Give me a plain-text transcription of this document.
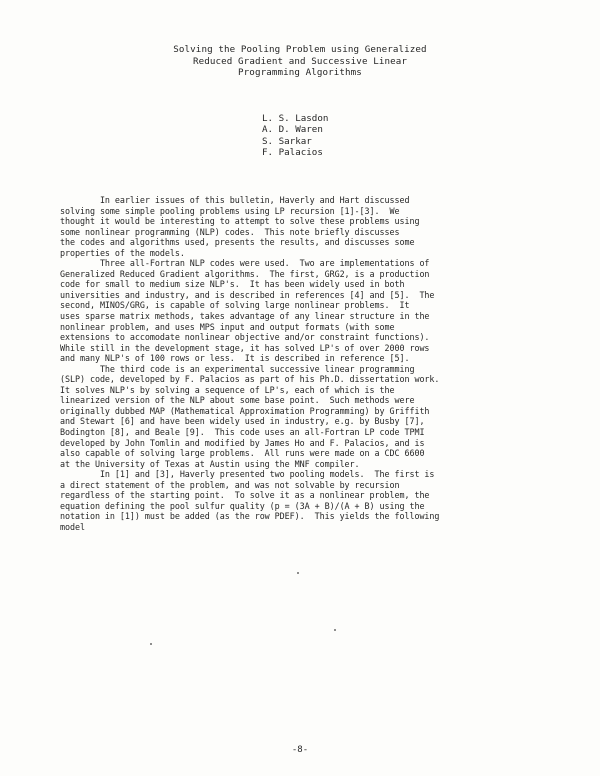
Solving the Pooling Problem using Generalized
Reduced Gradient and Successive Linear
Programming Algorithms
L. S. Lasdon
A. D. Waren
S. Sarkar
F. Palacios
In earlier issues of this bulletin, Haverly and Hart discussed
solving some simple pooling problems using LP recursion [1]-[3].  We
thought it would be interesting to attempt to solve these problems using
some nonlinear programming (NLP) codes.  This note briefly discusses
the codes and algorithms used, presents the results, and discusses some
properties of the models.
Three all-Fortran NLP codes were used.  Two are implementations of
Generalized Reduced Gradient algorithms.  The first, GRG2, is a production
code for small to medium size NLP's.  It has been widely used in both
universities and industry, and is described in references [4] and [5].  The
second, MINOS/GRG, is capable of solving large nonlinear problems.  It
uses sparse matrix methods, takes advantage of any linear structure in the
nonlinear problem, and uses MPS input and output formats (with some
extensions to accomodate nonlinear objective and/or constraint functions).
While still in the development stage, it has solved LP's of over 2000 rows
and many NLP's of 100 rows or less.  It is described in reference [5].
The third code is an experimental successive linear programming
(SLP) code, developed by F. Palacios as part of his Ph.D. dissertation work.
It solves NLP's by solving a sequence of LP's, each of which is the
linearized version of the NLP about some base point.  Such methods were
originally dubbed MAP (Mathematical Approximation Programming) by Griffith
and Stewart [6] and have been widely used in industry, e.g. by Busby [7],
Bodington [8], and Beale [9].  This code uses an all-Fortran LP code TPMI
developed by John Tomlin and modified by James Ho and F. Palacios, and is
also capable of solving large problems.  All runs were made on a CDC 6600
at the University of Texas at Austin using the MNF compiler.
In [1] and [3], Haverly presented two pooling models.  The first is
a direct statement of the problem, and was not solvable by recursion
regardless of the starting point.  To solve it as a nonlinear problem, the
equation defining the pool sulfur quality (p = (3A + B)/(A + B) using the
notation in [1]) must be added (as the row PDEF).  This yields the following
model
-8-
